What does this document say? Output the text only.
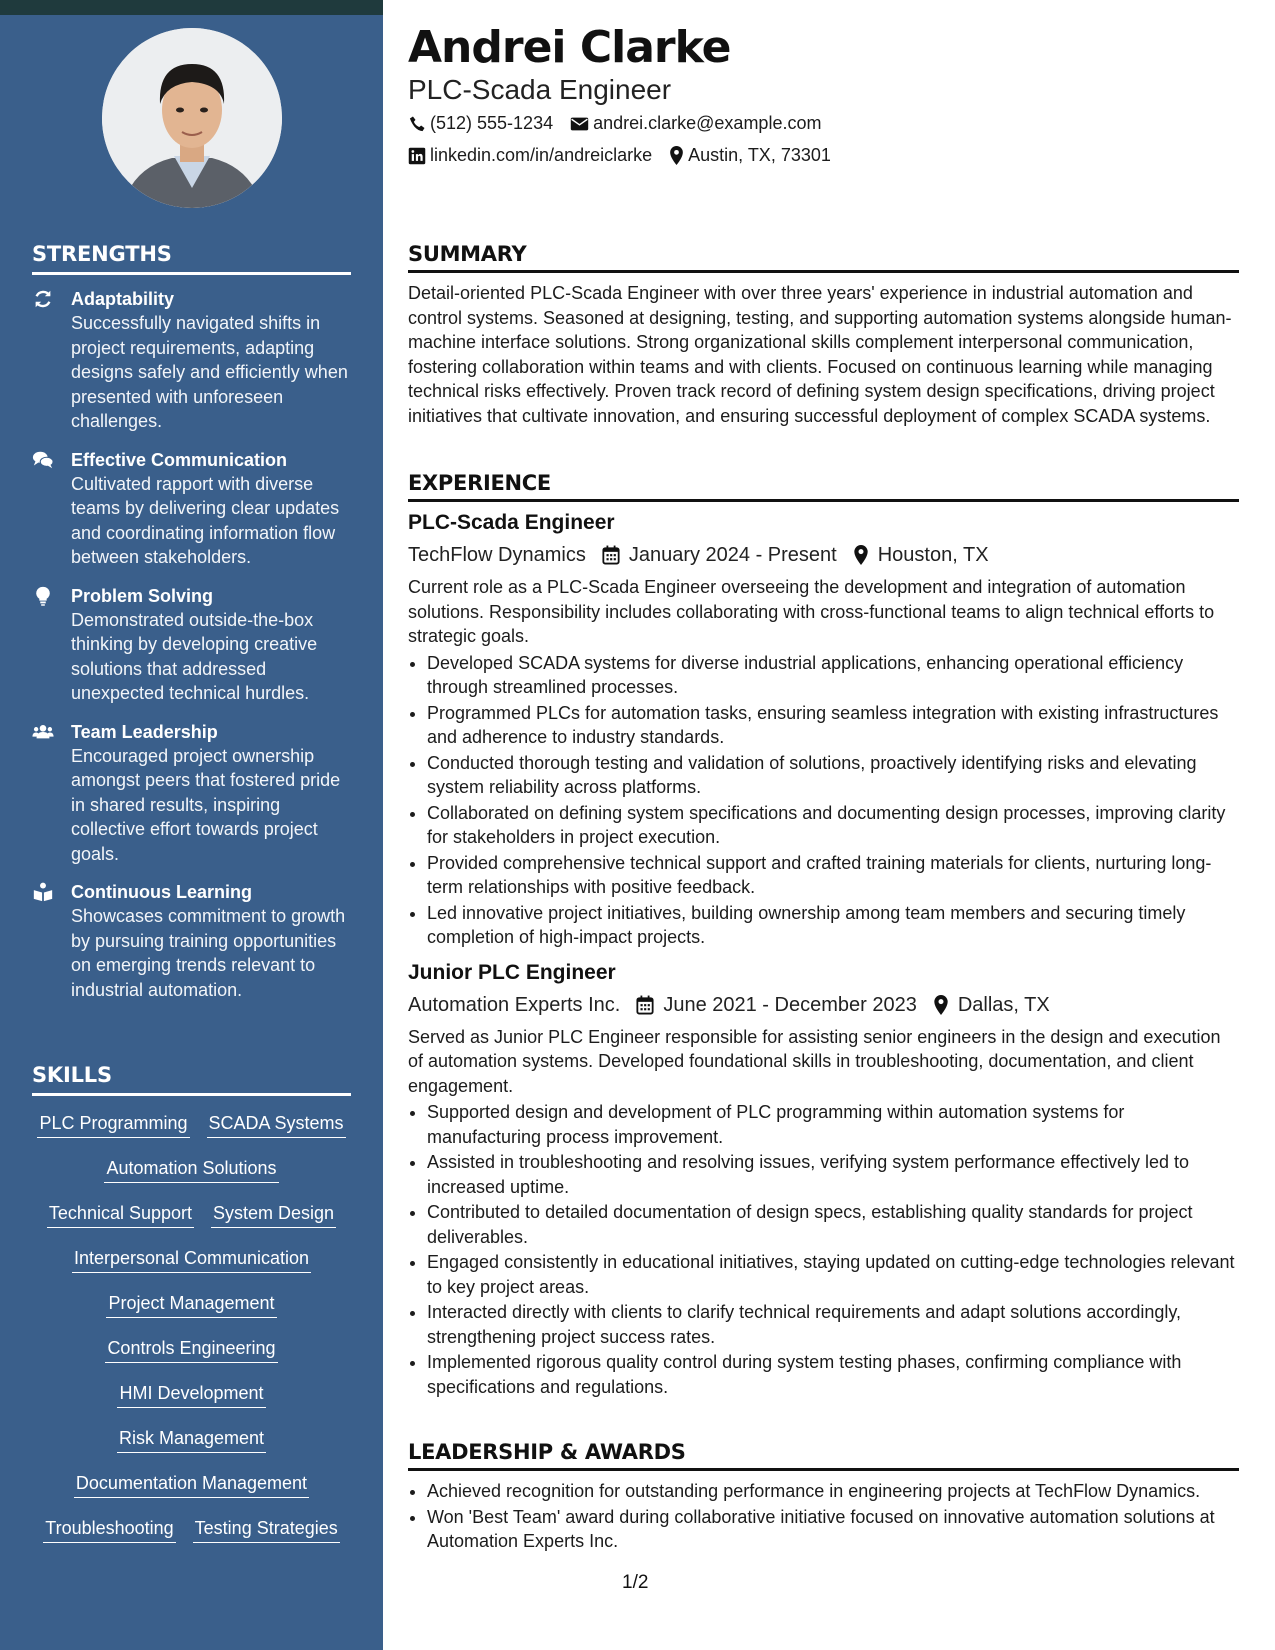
STRENGTHS
Adaptability
Successfully navigated shifts in project requirements, adapting designs safely and efficiently when presented with unforeseen challenges.
Effective Communication
Cultivated rapport with diverse teams by delivering clear updates and coordinating information flow between stakeholders.
Problem Solving
Demonstrated outside-the-box thinking by developing creative solutions that addressed unexpected technical hurdles.
Team Leadership
Encouraged project ownership amongst peers that fostered pride in shared results, inspiring collective effort towards project goals.
Continuous Learning
Showcases commitment to growth by pursuing training opportunities on emerging trends relevant to industrial automation.
SKILLS
PLC Programming SCADA Systems
Automation Solutions
Technical Support System Design
Interpersonal Communication
Project Management
Controls Engineering
HMI Development
Risk Management
Documentation Management
Troubleshooting Testing Strategies
Andrei Clarke
PLC-Scada Engineer
(512) 555-1234 andrei.clarke@example.com
linkedin.com/in/andreiclarke Austin, TX, 73301
SUMMARY

Detail-oriented PLC-Scada Engineer with over three years' experience in industrial automation and control systems. Seasoned at designing, testing, and supporting automation systems alongside human-machine interface solutions. Strong organizational skills complement interpersonal communication, fostering collaboration within teams and with clients. Focused on continuous learning while managing technical risks effectively. Proven track record of defining system design specifications, driving project initiatives that cultivate innovation, and ensuring successful deployment of complex SCADA systems.

EXPERIENCE
PLC-Scada Engineer
TechFlow Dynamics January 2024 - Present Houston, TX

Current role as a PLC-Scada Engineer overseeing the development and integration of automation solutions. Responsibility includes collaborating with cross-functional teams to align technical efforts to strategic goals.

• Developed SCADA systems for diverse industrial applications, enhancing operational efficiency through streamlined processes.
• Programmed PLCs for automation tasks, ensuring seamless integration with existing infrastructures and adherence to industry standards.
• Conducted thorough testing and validation of solutions, proactively identifying risks and elevating system reliability across platforms.
• Collaborated on defining system specifications and documenting design processes, improving clarity for stakeholders in project execution.
• Provided comprehensive technical support and crafted training materials for clients, nurturing long-term relationships with positive feedback.
• Led innovative project initiatives, building ownership among team members and securing timely completion of high-impact projects.
Junior PLC Engineer
Automation Experts Inc. June 2021 - December 2023 Dallas, TX

Served as Junior PLC Engineer responsible for assisting senior engineers in the design and execution of automation systems. Developed foundational skills in troubleshooting, documentation, and client engagement.

• Supported design and development of PLC programming within automation systems for manufacturing process improvement.
• Assisted in troubleshooting and resolving issues, verifying system performance effectively led to increased uptime.
• Contributed to detailed documentation of design specs, establishing quality standards for project deliverables.
• Engaged consistently in educational initiatives, staying updated on cutting-edge technologies relevant to key project areas.
• Interacted directly with clients to clarify technical requirements and adapt solutions accordingly, strengthening project success rates.
• Implemented rigorous quality control during system testing phases, confirming compliance with specifications and regulations.
LEADERSHIP & AWARDS
• Achieved recognition for outstanding performance in engineering projects at TechFlow Dynamics.
• Won 'Best Team' award during collaborative initiative focused on innovative automation solutions at Automation Experts Inc.
1/2
